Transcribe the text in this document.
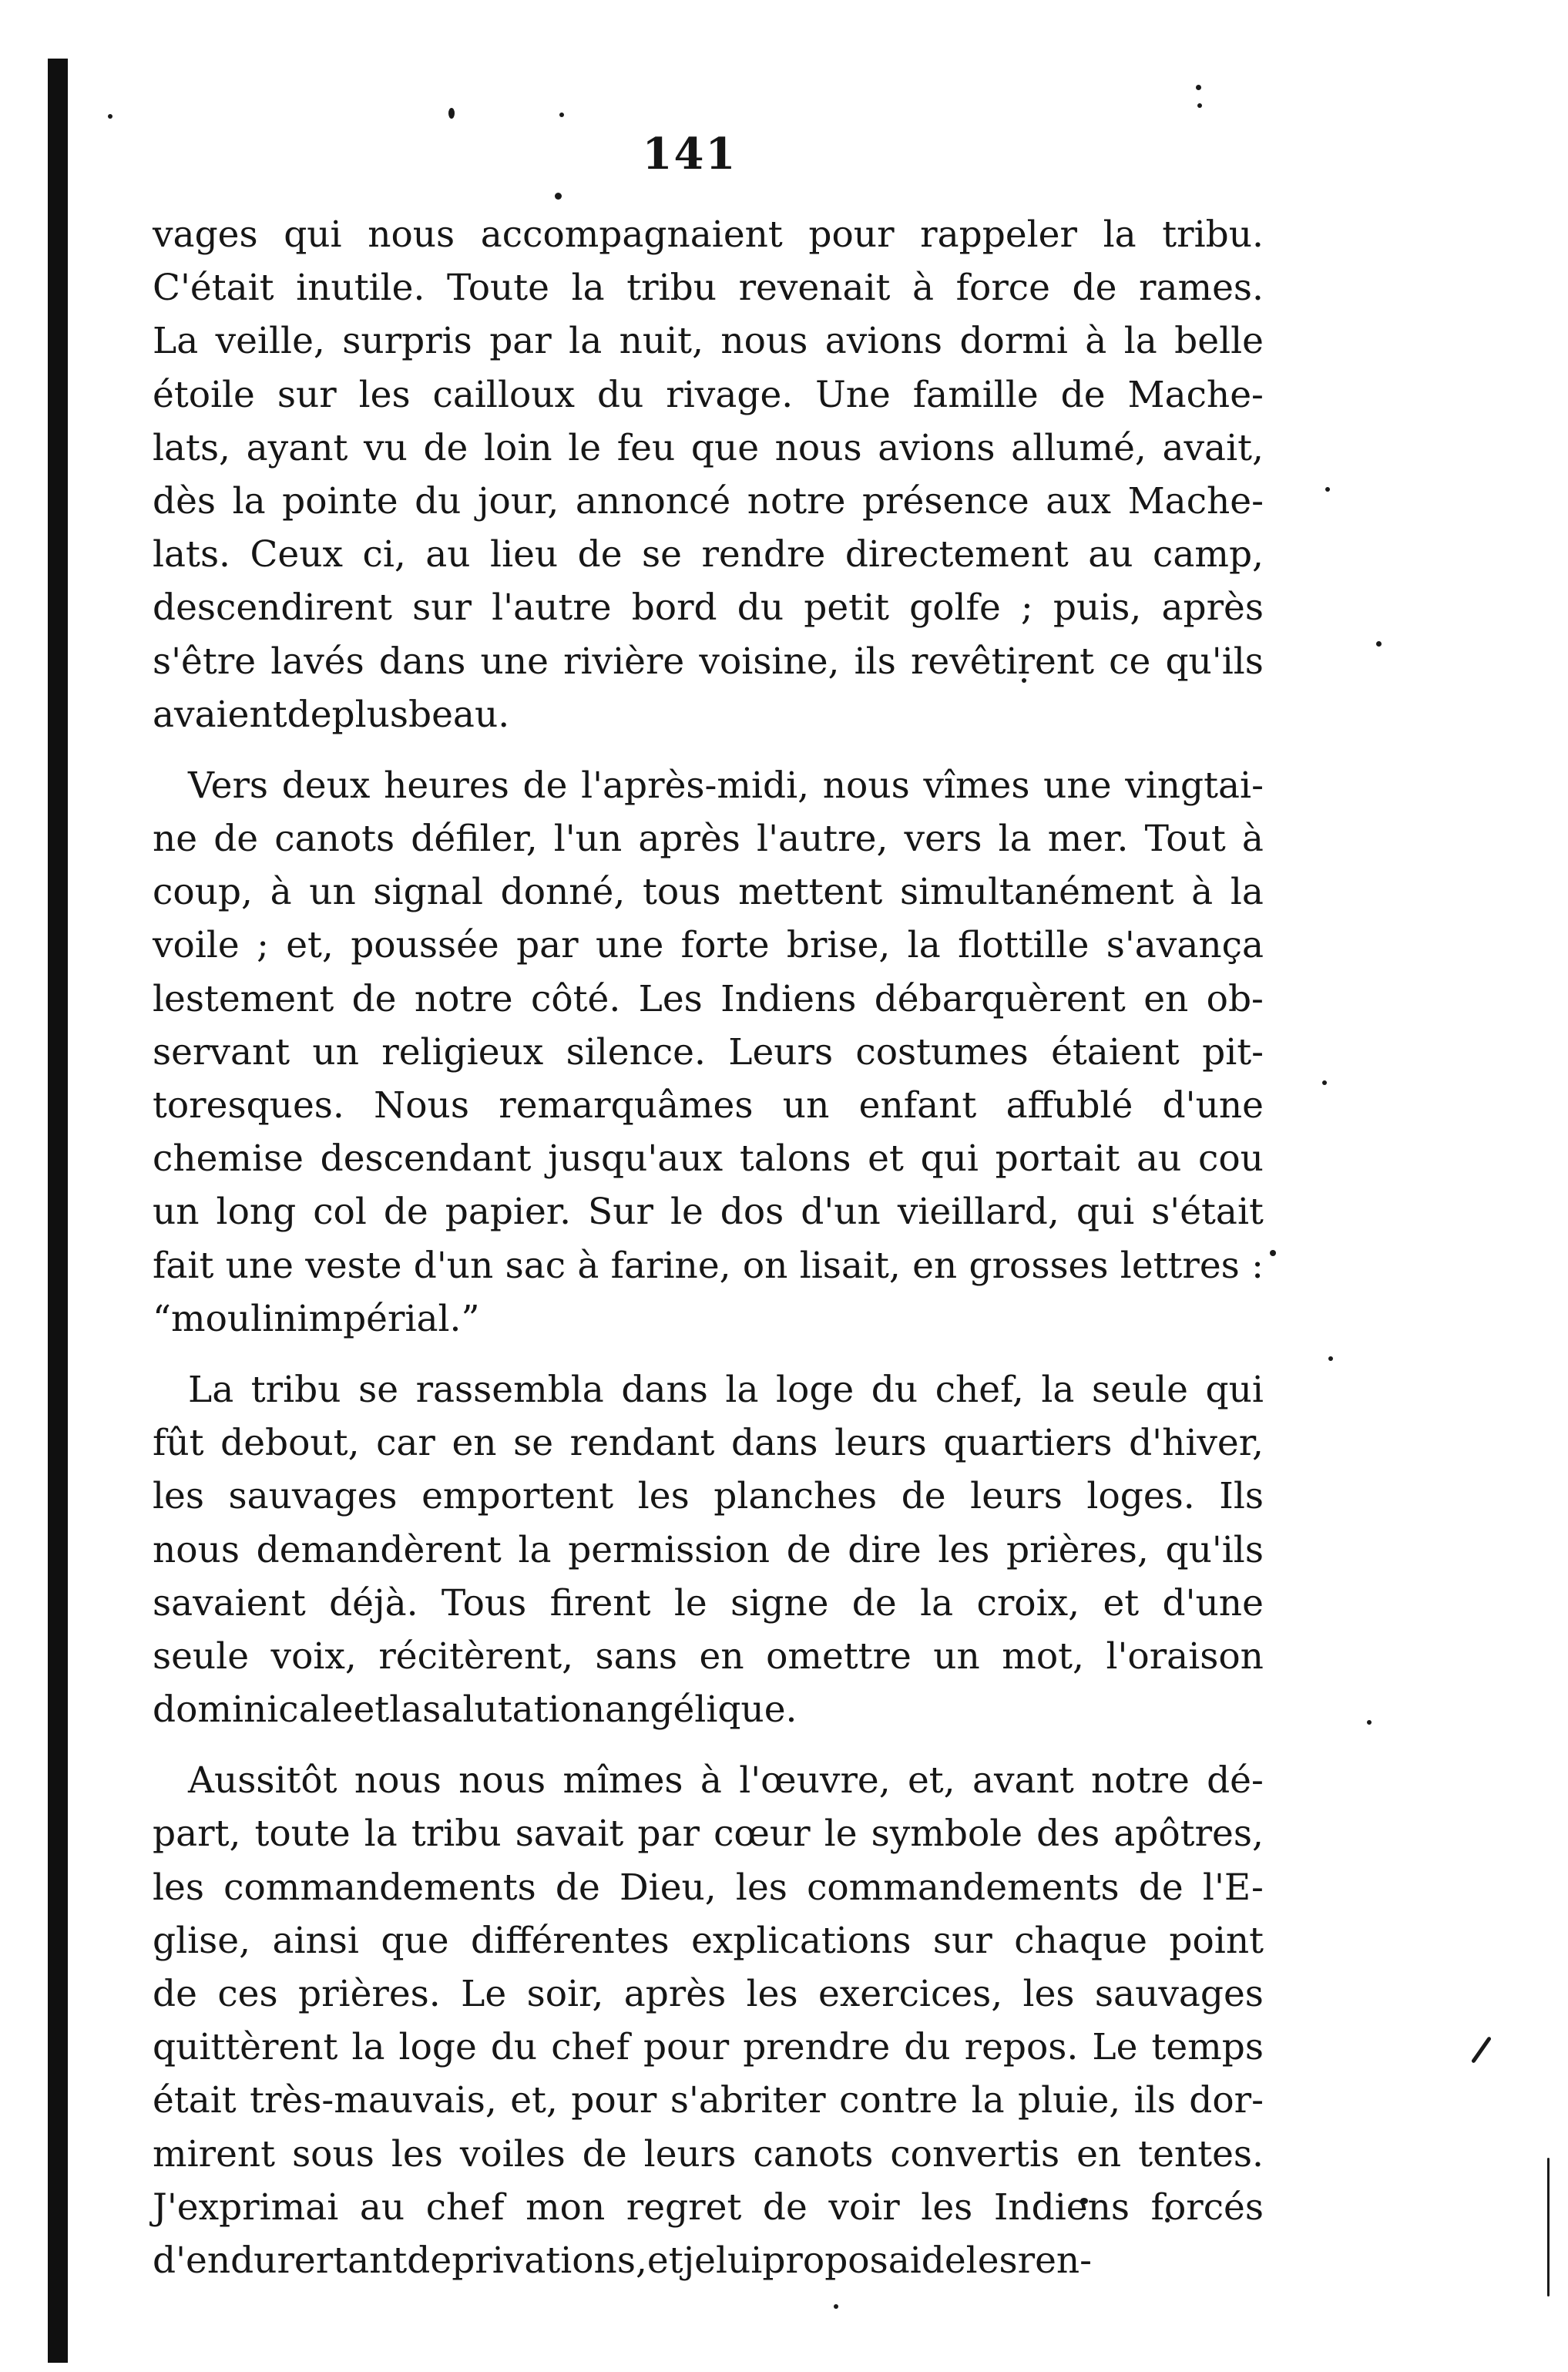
141
vages qui nous accompagnaient pour rappeler la tribu.
C'était inutile. Toute la tribu revenait à force de rames.
La veille, surpris par la nuit, nous avions dormi à la belle
étoile sur les cailloux du rivage. Une famille de Mache-
lats, ayant vu de loin le feu que nous avions allumé, avait,
dès la pointe du jour, annoncé notre présence aux Mache-
lats. Ceux ci, au lieu de se rendre directement au camp,
descendirent sur l'autre bord du petit golfe ; puis, après
s'être lavés dans une rivière voisine, ils revêtirent ce qu'ils
avaient de plus beau.
Vers deux heures de l'après-midi, nous vîmes une vingtai-
ne de canots défiler, l'un après l'autre, vers la mer. Tout à
coup, à un signal donné, tous mettent simultanément à la
voile ; et, poussée par une forte brise, la flottille s'avança
lestement de notre côté. Les Indiens débarquèrent en ob-
servant un religieux silence. Leurs costumes étaient pit-
toresques. Nous remarquâmes un enfant affublé d'une
chemise descendant jusqu'aux talons et qui portait au cou
un long col de papier. Sur le dos d'un vieillard, qui s'était
fait une veste d'un sac à farine, on lisait, en grosses lettres :
“ moulin impérial. ”
La tribu se rassembla dans la loge du chef, la seule qui
fût debout, car en se rendant dans leurs quartiers d'hiver,
les sauvages emportent les planches de leurs loges. Ils
nous demandèrent la permission de dire les prières, qu'ils
savaient déjà. Tous firent le signe de la croix, et d'une
seule voix, récitèrent, sans en omettre un mot, l'oraison
dominicale et la salutation angélique.
Aussitôt nous nous mîmes à l'œuvre, et, avant notre dé-
part, toute la tribu savait par cœur le symbole des apôtres,
les commandements de Dieu, les commandements de l'E-
glise, ainsi que différentes explications sur chaque point
de ces prières. Le soir, après les exercices, les sauvages
quittèrent la loge du chef pour prendre du repos. Le temps
était très-mauvais, et, pour s'abriter contre la pluie, ils dor-
mirent sous les voiles de leurs canots convertis en tentes.
J'exprimai au chef mon regret de voir les Indiens forcés
d'endurer tant de privations, et je lui proposai de les ren-
